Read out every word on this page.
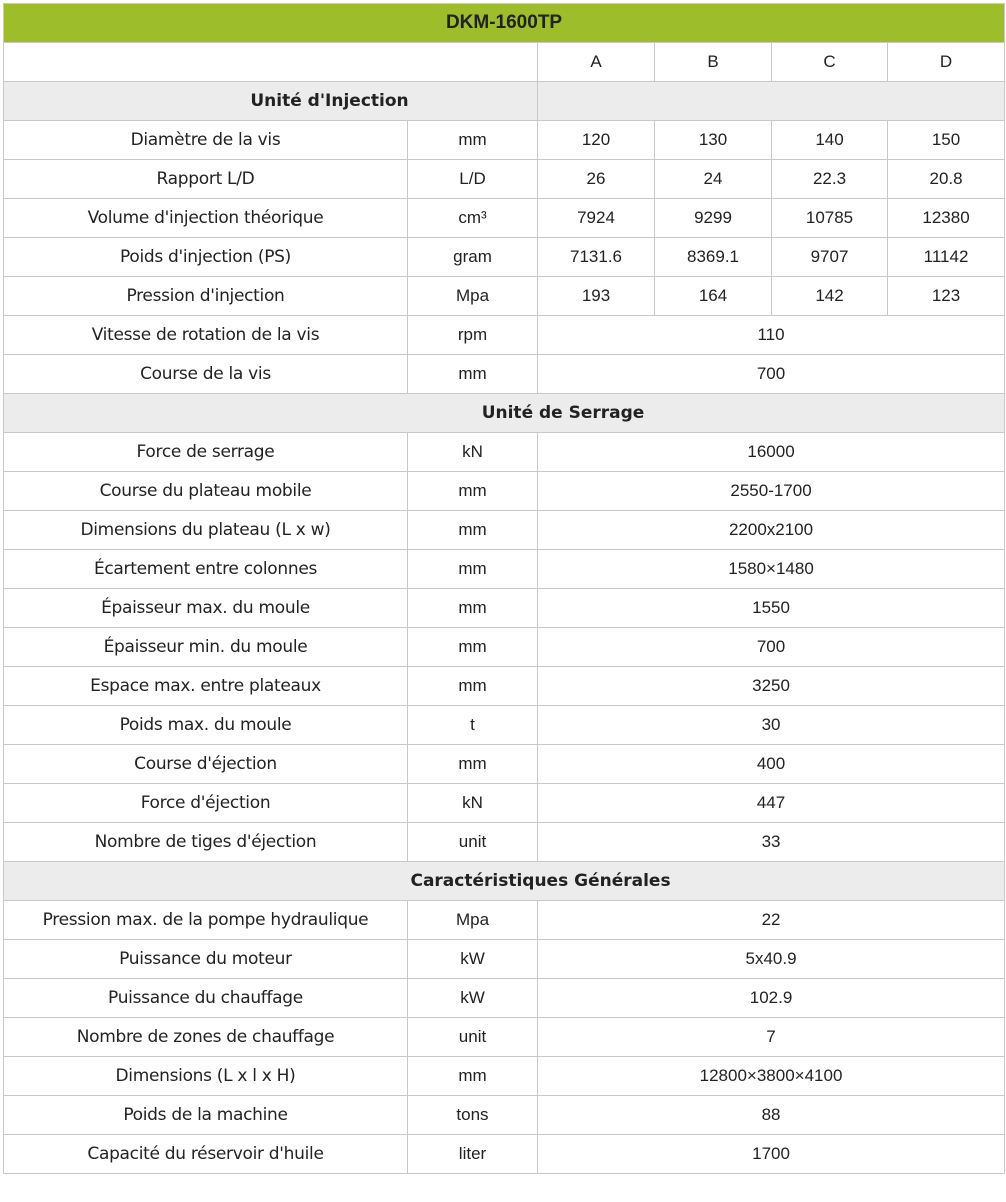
DKM-1600TP					
		A	B	C	D
Unité d'Injection					
Diamètre de la vis	mm	120	130	140	150
Rapport L/D	L/D	26	24	22.3	20.8
Volume d'injection théorique	cm³	7924	9299	10785	12380
Poids d'injection (PS)	gram	7131.6	8369.1	9707	11142
Pression d'injection	Mpa	193	164	142	123
Vitesse de rotation de la vis	rpm	110			
Course de la vis	mm	700			
Unité de Serrage					
Force de serrage	kN	16000			
Course du plateau mobile	mm	2550-1700			
Dimensions du plateau (L x w)	mm	2200x2100			
Écartement entre colonnes	mm	1580×1480			
Épaisseur max. du moule	mm	1550			
Épaisseur min. du moule	mm	700			
Espace max. entre plateaux	mm	3250			
Poids max. du moule	t	30			
Course d'éjection	mm	400			
Force d'éjection	kN	447			
Nombre de tiges d'éjection	unit	33			
Caractéristiques Générales					
Pression max. de la pompe hydraulique	Mpa	22			
Puissance du moteur	kW	5x40.9			
Puissance du chauffage	kW	102.9			
Nombre de zones de chauffage	unit	7			
Dimensions (L x l x H)	mm	12800×3800×4100			
Poids de la machine	tons	88			
Capacité du réservoir d'huile	liter	1700			
